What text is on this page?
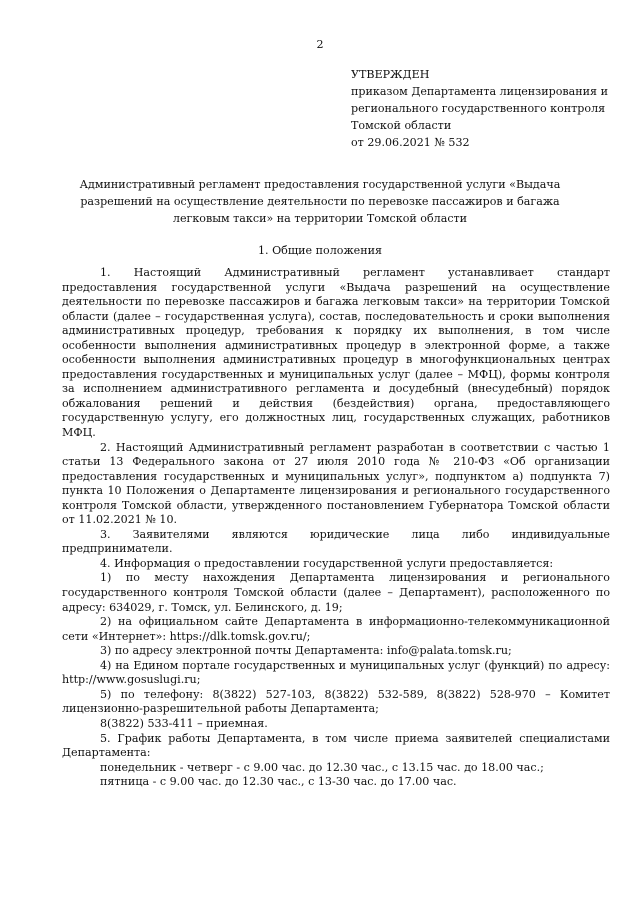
2
УТВЕРЖДЕН
приказом Департамента лицензирования и регионального государственного контроля Томской области
от 29.06.2021 № 532
Административный регламент предоставления государственной услуги «Выдача разрешений на осуществление деятельности по перевозке пассажиров и багажа легковым такси» на территории Томской области
1. Общие положения

1. Настоящий Административный регламент устанавливает стандарт предоставления государственной услуги «Выдача разрешений на осуществление деятельности по перевозке пассажиров и багажа легковым такси» на территории Томской области (далее – государственная услуга), состав, последовательность и сроки выполнения административных процедур, требования к порядку их выполнения, в том числе особенности выполнения административных процедур в электронной форме, а также особенности выполнения административных процедур в многофункциональных центрах предоставления государственных и муниципальных услуг (далее – МФЦ), формы контроля за исполнением административного регламента и досудебный (внесудебный) порядок обжалования решений и действия (бездействия) органа, предоставляющего государственную услугу, его должностных лиц, государственных служащих, работников МФЦ.

2. Настоящий Административный регламент разработан в соответствии с частью 1 статьи 13 Федерального закона от 27 июля 2010 года № 210-ФЗ «Об организации предоставления государственных и муниципальных услуг», подпунктом а) подпункта 7) пункта 10 Положения о Департаменте лицензирования и регионального государственного контроля Томской области, утвержденного постановлением Губернатора Томской области от 11.02.2021 № 10.

3. Заявителями являются юридические лица либо индивидуальные предприниматели.

4. Информация о предоставлении государственной услуги предоставляется:

1) по месту нахождения Департамента лицензирования и регионального государственного контроля Томской области (далее – Департамент), расположенного по адресу: 634029, г. Томск, ул. Белинского, д. 19;

2) на официальном сайте Департамента в информационно-телекоммуникационной сети «Интернет»: https://dlk.tomsk.gov.ru/;

3) по адресу электронной почты Департамента: info@palata.tomsk.ru;

4) на Едином портале государственных и муниципальных услуг (функций) по адресу: http://www.gosuslugi.ru;

5) по телефону: 8(3822) 527-103, 8(3822) 532-589, 8(3822) 528-970 – Комитет лицензионно-разрешительной работы Департамента;

8(3822) 533-411 – приемная.

5. График работы Департамента, в том числе приема заявителей специалистами Департамента:

понедельник - четверг - с 9.00 час. до 12.30 час., с 13.15 час. до 18.00 час.;

пятница - с 9.00 час. до 12.30 час., с 13-30 час. до 17.00 час.
